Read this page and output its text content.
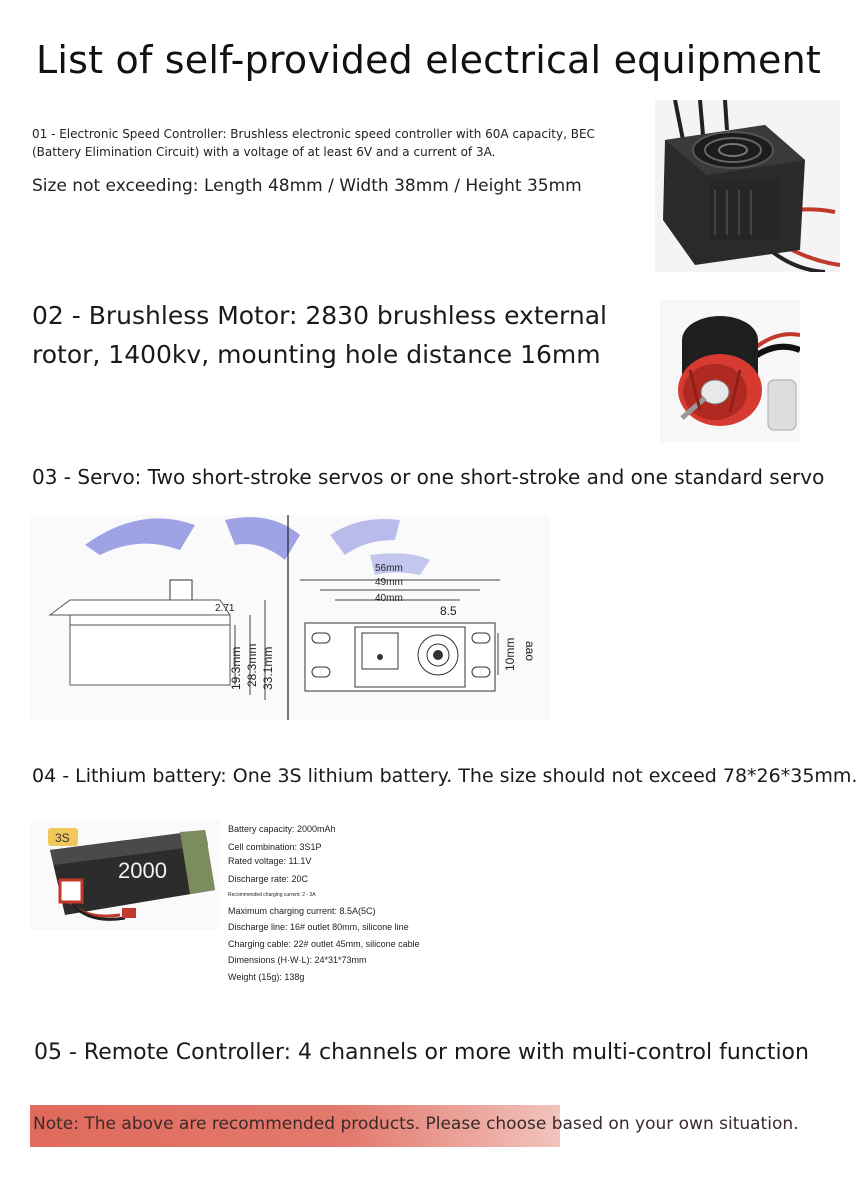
List of self-provided electrical equipment
01 - Electronic Speed Controller: Brushless electronic speed controller with 60A capacity, BEC (Battery Elimination Circuit) with a voltage of at least 6V and a current of 3A.
Size not exceeding: Length 48mm / Width 38mm / Height 35mm
02 - Brushless Motor: 2830 brushless external rotor, 1400kv, mounting hole distance 16mm
03 - Servo: Two short-stroke servos or one short-stroke and one standard servo
2.71
19.3mm 28.3mm 33.1mm
56mm
49mm
40mm
8.5
10mm aao
04 - Lithium battery: One 3S lithium battery. The size should not exceed 78*26*35mm.
3S
2000
Battery capacity: 2000mAh
Cell combination: 3S1P
Rated voltage: 11.1V
Discharge rate: 20C
Recommended charging current: 2 - 3A
Maximum charging current: 8.5A(5C)
Discharge line: 16# outlet 80mm, silicone line
Charging cable: 22# outlet 45mm, silicone cable
Dimensions (H·W·L): 24*31*73mm
Weight (15g): 138g
05 - Remote Controller: 4 channels or more with multi-control function
Note: The above are recommended products. Please choose based on your own situation.
